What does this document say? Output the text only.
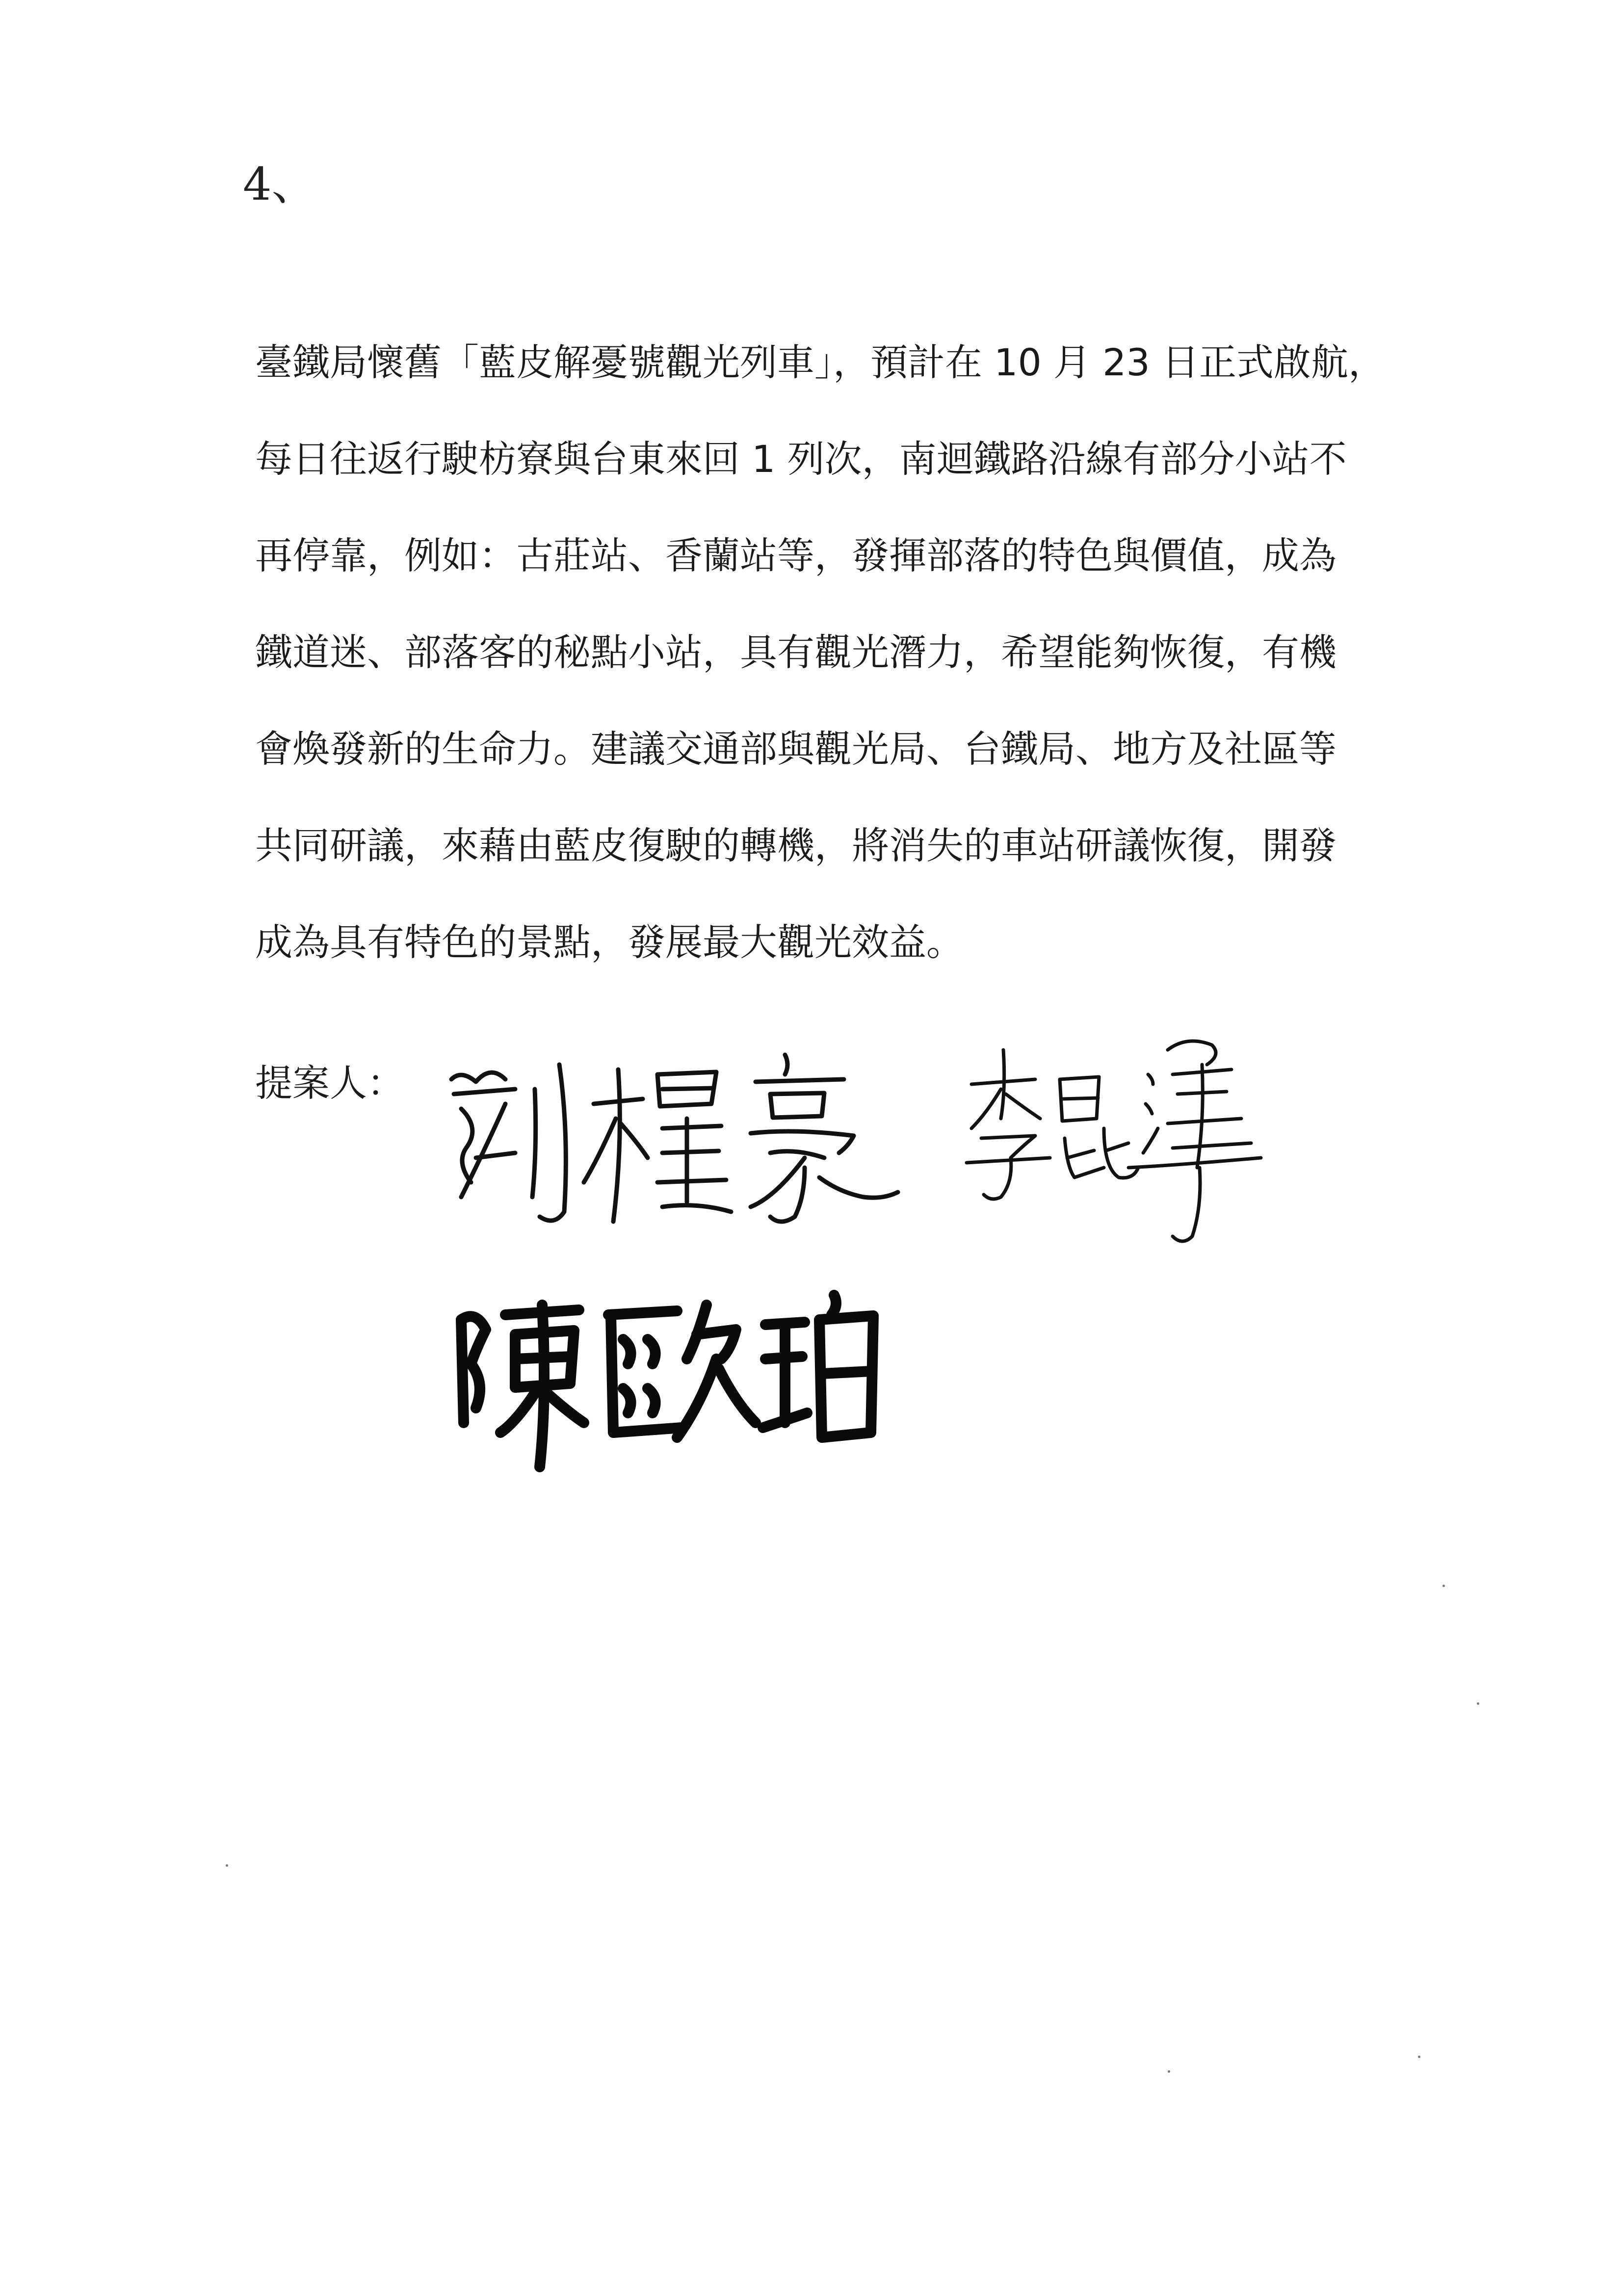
4、
臺鐵局懷舊「藍皮解憂號觀光列車」，預計在 10 月 23 日正式啟航，
每日往返行駛枋寮與台東來回 1 列次，南迴鐵路沿線有部分小站不
再停靠，例如：古莊站、香蘭站等，發揮部落的特色與價值，成為
鐵道迷、部落客的秘點小站，具有觀光潛力，希望能夠恢復，有機
會煥發新的生命力。建議交通部與觀光局、台鐵局、地方及社區等
共同研議，來藉由藍皮復駛的轉機，將消失的車站研議恢復，開發
成為具有特色的景點，發展最大觀光效益。
提案人：
